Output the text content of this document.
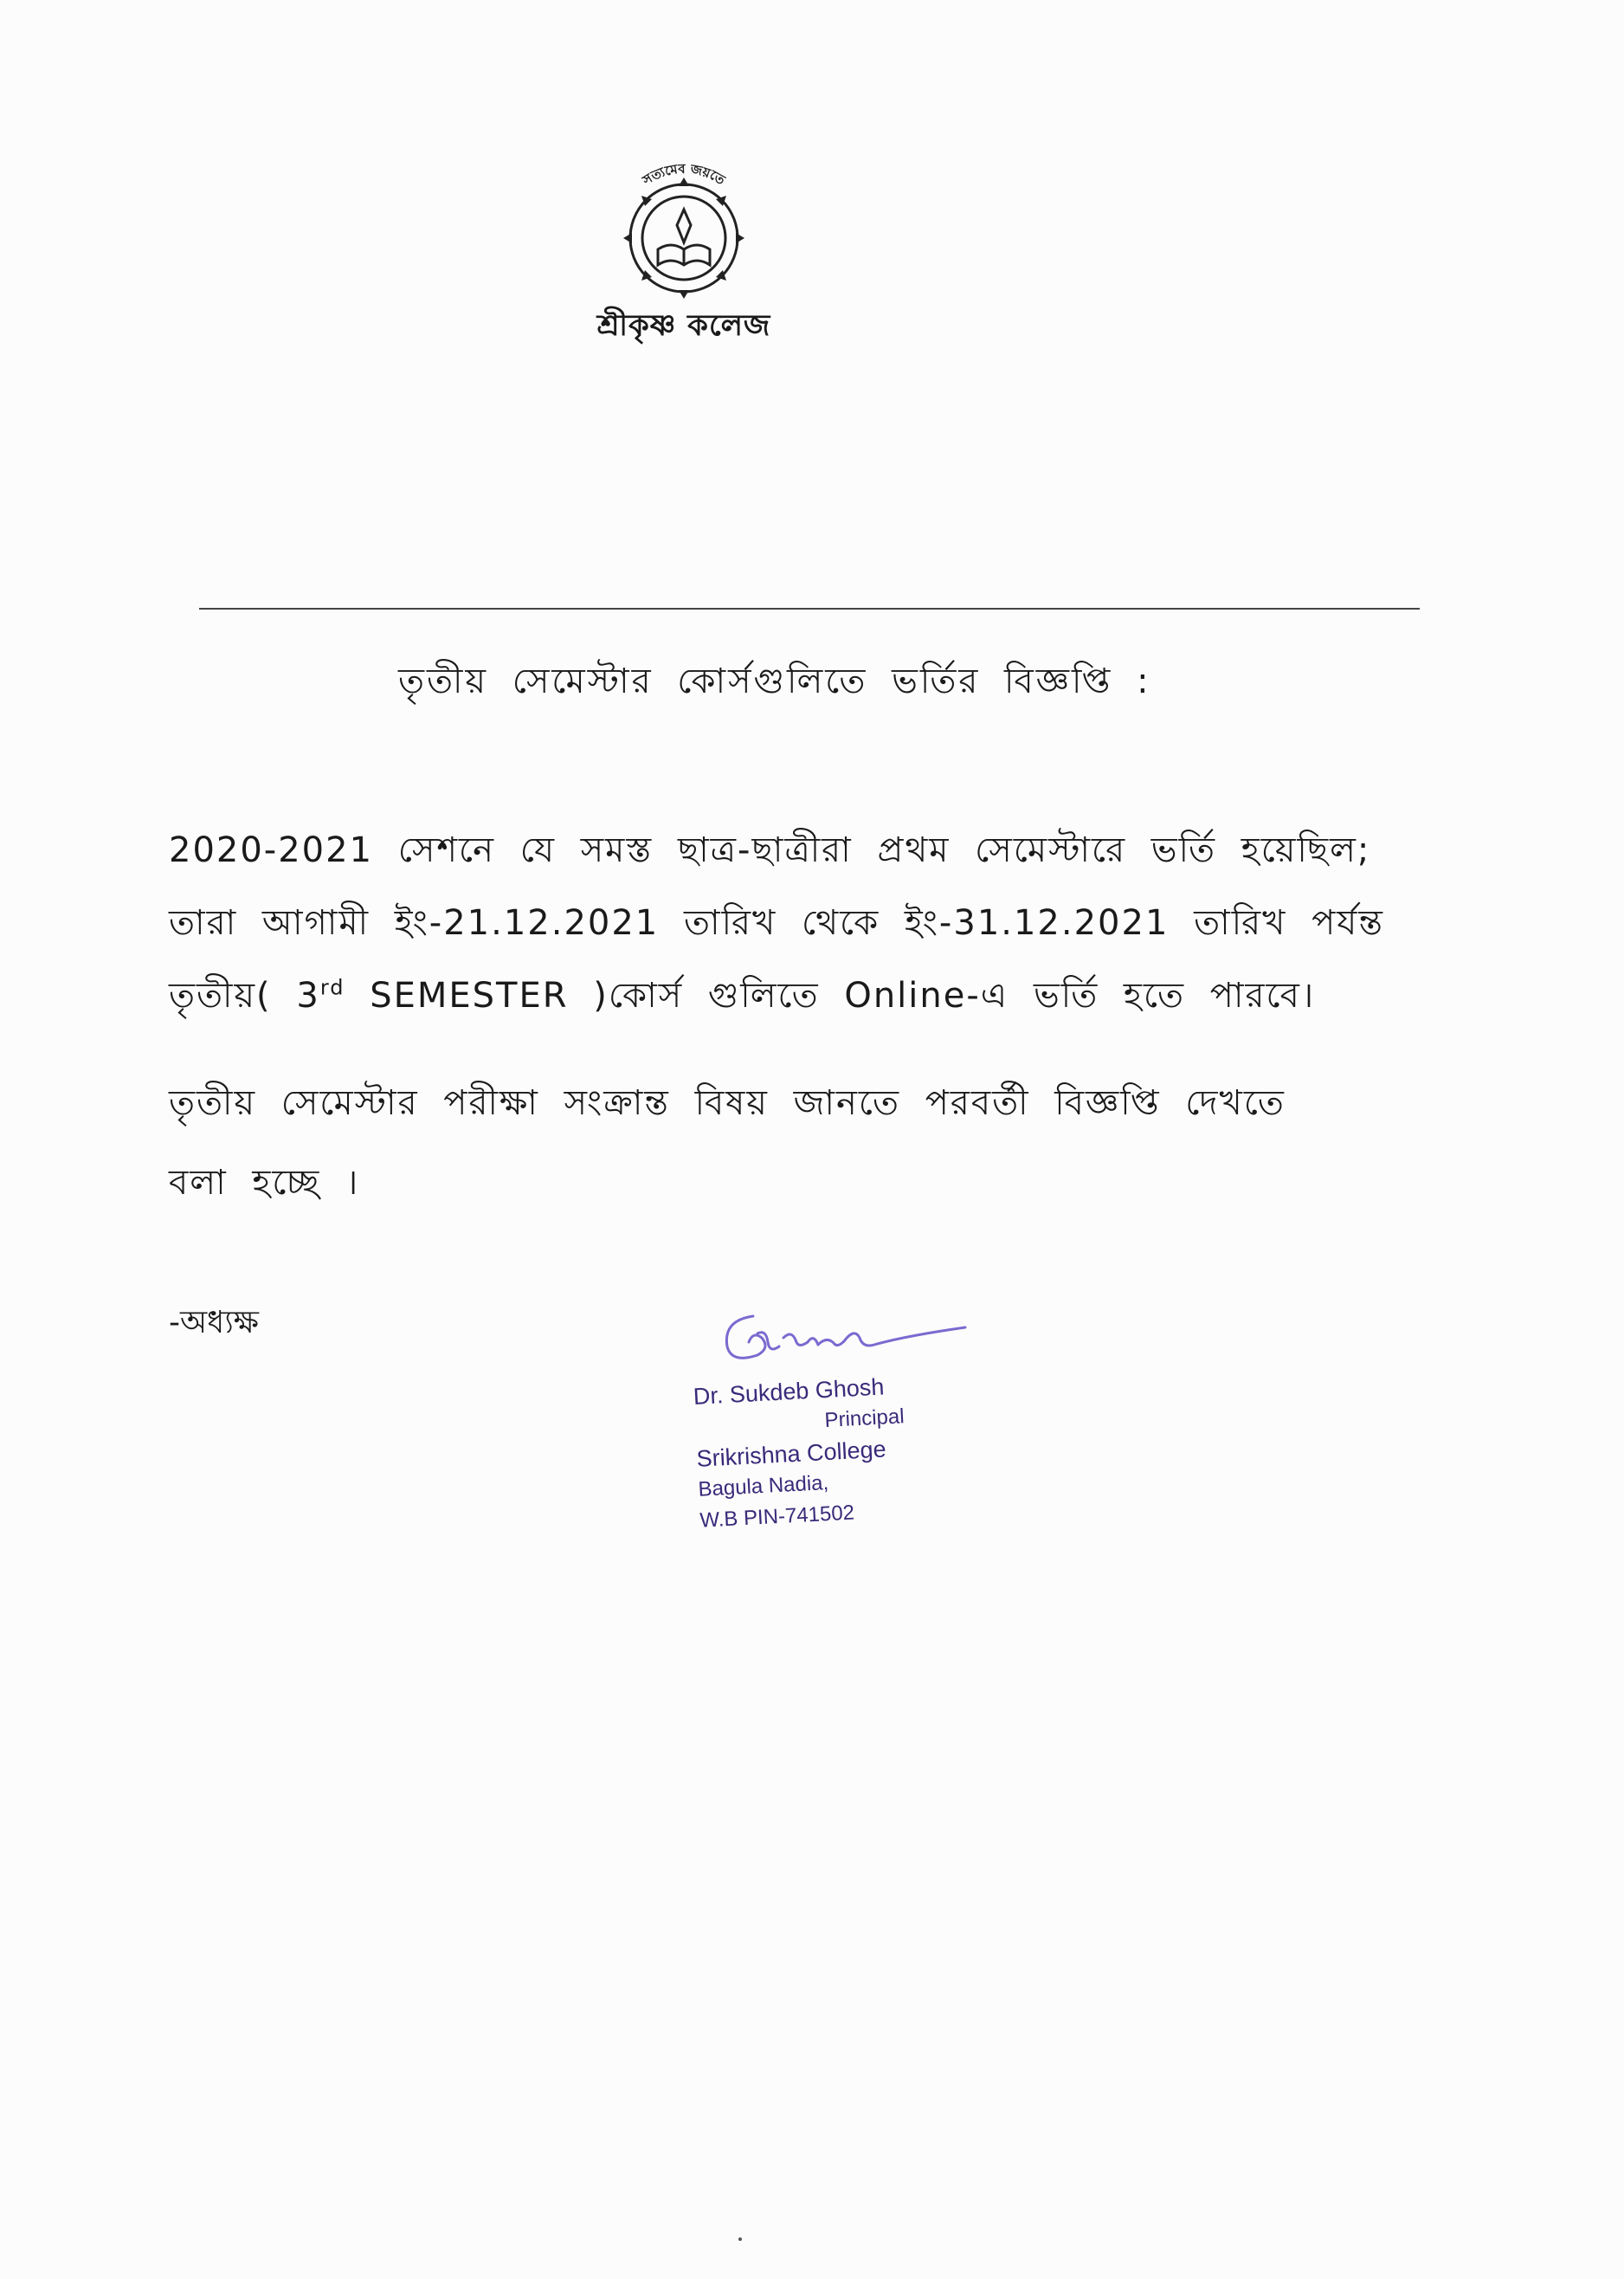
সত্যমেব জয়তে
শ্রীকৃষ্ণ কলেজ
তৃতীয় সেমেস্টার কোর্সগুলিতে ভর্তির বিজ্ঞপ্তি :

2020-2021 সেশনে যে সমস্ত ছাত্র-ছাত্রীরা প্রথম সেমেস্টারে ভর্তি হয়েছিল;

তারা আগামী ইং-21.12.2021 তারিখ থেকে ইং-31.12.2021 তারিখ পর্যন্ত

তৃতীয়( 3rd SEMESTER )কোর্স গুলিতে Online-এ ভর্তি হতে পারবে।

তৃতীয় সেমেস্টার পরীক্ষা সংক্রান্ত বিষয় জানতে পরবর্তী বিজ্ঞপ্তি দেখতে

বলা হচ্ছে ।

-অধ্যক্ষ
Dr. Sukdeb Ghosh
Principal
Srikrishna College
Bagula Nadia,
W.B PIN-741502
